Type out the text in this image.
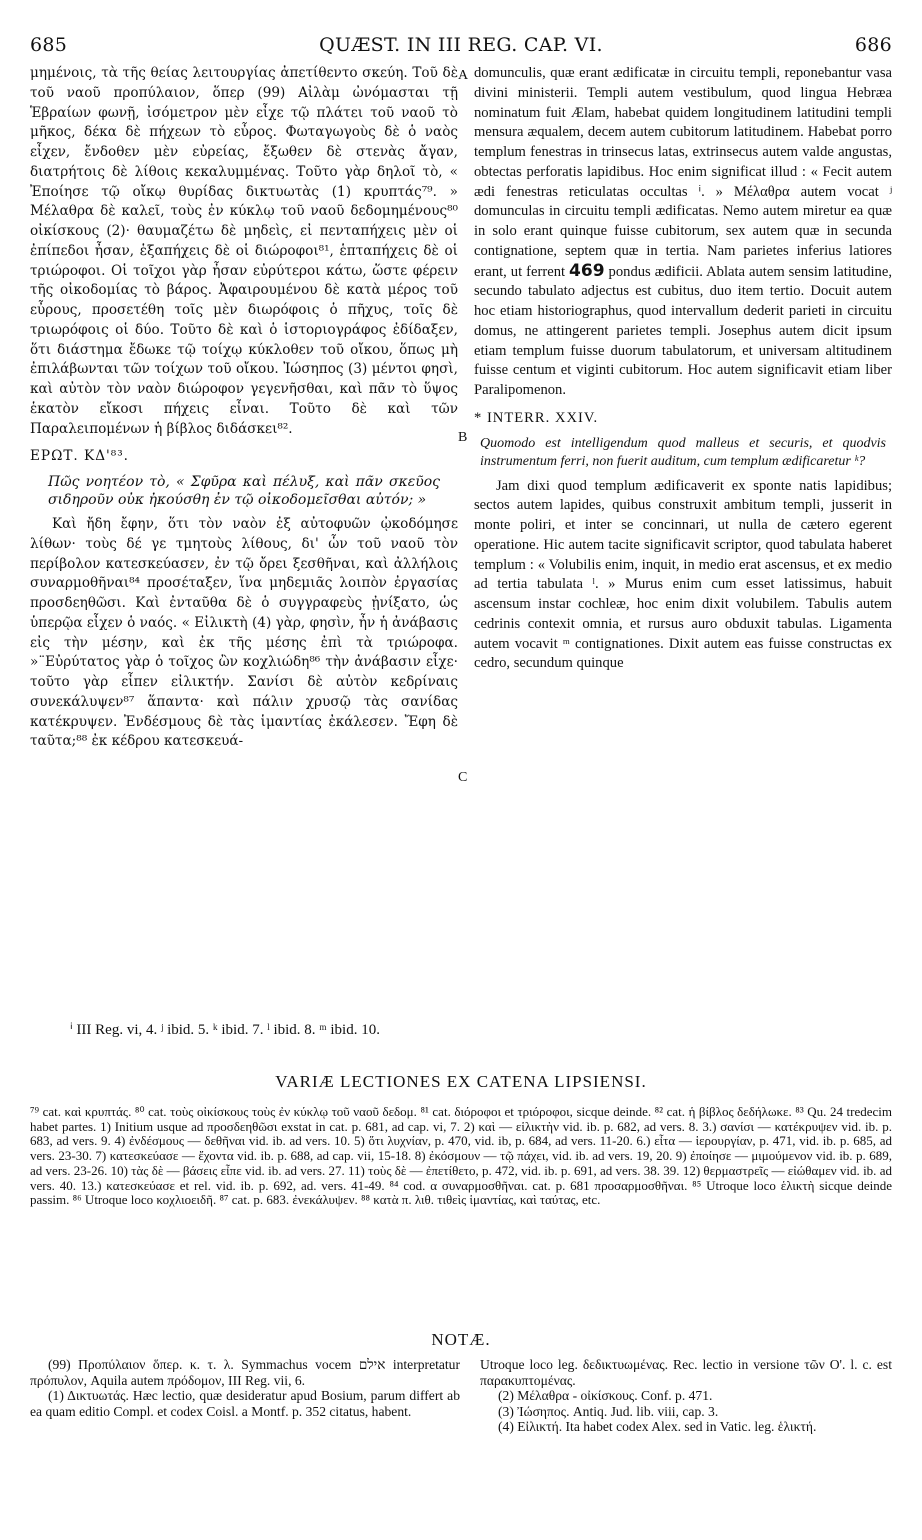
685	QUÆST. IN III REG. CAP. VI.	686
A
B
C

μημένοις, τὰ τῆς θείας λειτουργίας ἀπετίθεντο σκεύη. Τοῦ δὲ τοῦ ναοῦ προπύλαιον, ὅπερ (99) Αἰλὰμ ὠνόμασται τῇ Ἑβραίων φωνῇ, ἰσόμετρον μὲν εἶχε τῷ πλάτει τοῦ ναοῦ τὸ μῆκος, δέκα δὲ πήχεων τὸ εὖρος. Φωταγωγοὺς δὲ ὁ ναὸς εἶχεν, ἔνδοθεν μὲν εὐρείας, ἔξωθεν δὲ στενὰς ἄγαν, διατρήτοις δὲ λίθοις κεκαλυμμένας. Τοῦτο γὰρ δηλοῖ τὸ, « Ἐποίησε τῷ οἴκῳ θυρίδας δικτυωτὰς (1) κρυπτάς⁷⁹. » Μέλαθρα δὲ καλεῖ, τοὺς ἐν κύκλῳ τοῦ ναοῦ δεδομημένους⁸⁰ οἰκίσκους (2)· θαυμαζέτω δὲ μηδεὶς, εἰ πενταπήχεις μὲν οἱ ἐπίπεδοι ἦσαν, ἑξαπήχεις δὲ οἱ διώροφοι⁸¹, ἑπταπήχεις δὲ οἱ τριώροφοι. Οἱ τοῖχοι γὰρ ἦσαν εὐρύτεροι κάτω, ὥστε φέρειν τῆς οἰκοδομίας τὸ βάρος. Ἀφαιρουμένου δὲ κατὰ μέρος τοῦ εὖρους, προσετέθη τοῖς μὲν διωρόφοις ὁ πῆχυς, τοῖς δὲ τριωρόφοις οἱ δύο. Τοῦτο δὲ καὶ ὁ ἱστοριογράφος ἐδίδαξεν, ὅτι διάστημα ἔδωκε τῷ τοίχῳ κύκλοθεν τοῦ οἴκου, ὅπως μὴ ἐπιλάβωνται τῶν τοίχων τοῦ οἴκου. Ἰώσηπος (3) μέντοι φησὶ, καὶ αὐτὸν τὸν ναὸν διώροφον γεγενῆσθαι, καὶ πᾶν τὸ ὕψος ἑκατὸν εἴκοσι πήχεις εἶναι. Τοῦτο δὲ καὶ τῶν Παραλειπομένων ἡ βίβλος διδάσκει⁸².

ΕΡΩΤ. ΚΔ'⁸³.

Πῶς νοητέον τὸ, « Σφῦρα καὶ πέλυξ, καὶ πᾶν σκεῦος σιδηροῦν οὐκ ἠκούσθη ἐν τῷ οἰκοδομεῖσθαι αὐτόν; »

Καὶ ἤδη ἔφην, ὅτι τὸν ναὸν ἐξ αὐτοφυῶν ᾠκοδόμησε λίθων· τοὺς δέ γε τμητοὺς λίθους, δι' ὧν τοῦ ναοῦ τὸν περίβολον κατεσκεύασεν, ἐν τῷ ὄρει ξεσθῆναι, καὶ ἀλλήλοις συναρμοθῆναι⁸⁴ προσέταξεν, ἵνα μηδεμιᾶς λοιπὸν ἐργασίας προσδεηθῶσι. Καὶ ἐνταῦθα δὲ ὁ συγγραφεὺς ᾐνίξατο, ὡς ὑπερῷα εἶχεν ὁ ναός. « Εἰλικτὴ (4) γὰρ, φησὶν, ἦν ἡ ἀνάβασις εἰς τὴν μέσην, καὶ ἐκ τῆς μέσης ἐπὶ τὰ τριώροφα. »¨Εὐρύτατος γὰρ ὁ τοῖχος ὢν κοχλιώδη⁸⁶ τὴν ἀνάβασιν εἶχε· τοῦτο γὰρ εἶπεν εἰλικτήν. Σανίσι δὲ αὐτὸν κεδρίναις συνεκάλυψεν⁸⁷ ἅπαντα· καὶ πάλιν χρυσῷ τὰς σανίδας κατέκρυψεν. Ἐνδέσμους δὲ τὰς ἱμαντίας ἐκάλεσεν. Ἔφη δὲ ταῦτα;⁸⁸ ἐκ κέδρου κατεσκευά-

domunculis, quæ erant ædificatæ in circuitu templi, reponebantur vasa divini ministerii. Templi autem vestibulum, quod lingua Hebræa nominatum fuit Ælam, habebat quidem longitudinem latitudini templi mensura æqualem, decem autem cubitorum latitudinem. Habebat porro templum fenestras in trinsecus latas, extrinsecus autem valde angustas, obtectas perforatis lapidibus. Hoc enim significat illud : « Fecit autem ædi fenestras reticulatas occultas ⁱ. » Μέλαθρα autem vocat ʲ domunculas in circuitu templi ædificatas. Nemo autem miretur ea quæ in solo erant quinque fuisse cubitorum, sex autem quæ in secunda contignatione, septem quæ in tertia. Nam parietes inferius latiores erant, ut ferrent 469 pondus ædificii. Ablata autem sensim latitudine, secundo tabulato adjectus est cubitus, duo item tertio. Docuit autem hoc etiam historiographus, quod intervallum dederit parieti in circuitu domus, ne attingerent parietes templi. Josephus autem dicit ipsum etiam templum fuisse duorum tabulatorum, et universam altitudinem fuisse centum et viginti cubitorum. Hoc autem significavit etiam liber Paralipomenon.

* INTERR. XXIV.

Quomodo est intelligendum quod malleus et securis, et quodvis instrumentum ferri, non fuerit auditum, cum templum ædificaretur ᵏ?

Jam dixi quod templum ædificaverit ex sponte natis lapidibus; sectos autem lapides, quibus construxit ambitum templi, jusserit in monte poliri, et inter se concinnari, ut nulla de cætero egerent operatione. Hic autem tacite significavit scriptor, quod tabulata haberet templum : « Volubilis enim, inquit, in medio erat ascensus, et ex medio ad tertia tabulata ˡ. » Murus enim cum esset latissimus, habuit ascensum instar cochleæ, hoc enim dixit volubilem. Tabulis autem cedrinis contexit omnia, et rursus auro obduxit tabulas. Ligamenta autem vocavit ᵐ contignationes. Dixit autem eas fuisse constructas ex cedro, secundum quinque

ⁱ III Reg. vi, 4. ʲ ibid. 5. ᵏ ibid. 7. ˡ ibid. 8. ᵐ ibid. 10.
VARIÆ LECTIONES EX CATENA LIPSIENSI.
⁷⁹ cat. καὶ κρυπτάς. ⁸⁰ cat. τοὺς οἰκίσκους τοὺς ἐν κύκλῳ τοῦ ναοῦ δεδομ. ⁸¹ cat. διόροφοι et τριόροφοι, sicque deinde. ⁸² cat. ἡ βίβλος δεδήλωκε. ⁸³ Qu. 24 tredecim habet partes. 1) Initium usque ad προσδεηθῶσι exstat in cat. p. 681, ad cap. vi, 7. 2) καὶ — εἱλικτὴν vid. ib. p. 682, ad vers. 8. 3.) σανίσι — κατέκρυψεν vid. ib. p. 683, ad vers. 9. 4) ἐνδέσμους — δεθῆναι vid. ib. ad vers. 10. 5) ὅτι λυχνίαν, p. 470, vid. ib, p. 684, ad vers. 11-20. 6.) εἶτα — ἱερουργίαν, p. 471, vid. ib. p. 685, ad vers. 23-30. 7) κατεσκεύασε — ἔχοντα vid. ib. p. 688, ad cap. vii, 15-18. 8) ἐκόσμουν — τῷ πάχει, vid. ib. ad vers. 19, 20. 9) ἐποίησε — μιμούμενον vid. ib. p. 689, ad vers. 23-26. 10) τὰς δὲ — βάσεις εἶπε vid. ib. ad vers. 27. 11) τοὺς δὲ — ἐπετίθετο, p. 472, vid. ib. p. 691, ad vers. 38. 39. 12) θερμαστρεῖς — εἰώθαμεν vid. ib. ad vers. 40. 13.) κατεσκεύασε et rel. vid. ib. p. 692, ad. vers. 41-49. ⁸⁴ cod. α συναρμοσθῆναι. cat. p. 681 προσαρμοσθῆναι. ⁸⁵ Utroque loco ἑλικτὴ sicque deinde passim. ⁸⁶ Utroque loco κοχλιοειδῆ. ⁸⁷ cat. p. 683. ἐνεκάλυψεν. ⁸⁸ κατὰ π. λιθ. τιθεὶς ἱμαντίας, καὶ ταύτας, etc.
NOTÆ.

(99) Προπύλαιον ὅπερ. κ. τ. λ. Symmachus vocem אילם interpretatur πρόπυλον, Aquila autem πρόδομον, III Reg. vii, 6.

(1) Δικτυωτάς. Hæc lectio, quæ desideratur apud Bosium, parum differt ab ea quam editio Compl. et codex Coisl. a Montf. p. 352 citatus, habent.

Utroque loco leg. δεδικτυωμένας. Rec. lectio in versione τῶν Ο'. l. c. est παρακυπτομένας.

(2) Μέλαθρα - οἰκίσκους. Conf. p. 471.

(3) Ἰώσηπος. Antiq. Jud. lib. viii, cap. 3.

(4) Εἰλικτή. Ita habet codex Alex. sed in Vatic. leg. ἑλικτή.
